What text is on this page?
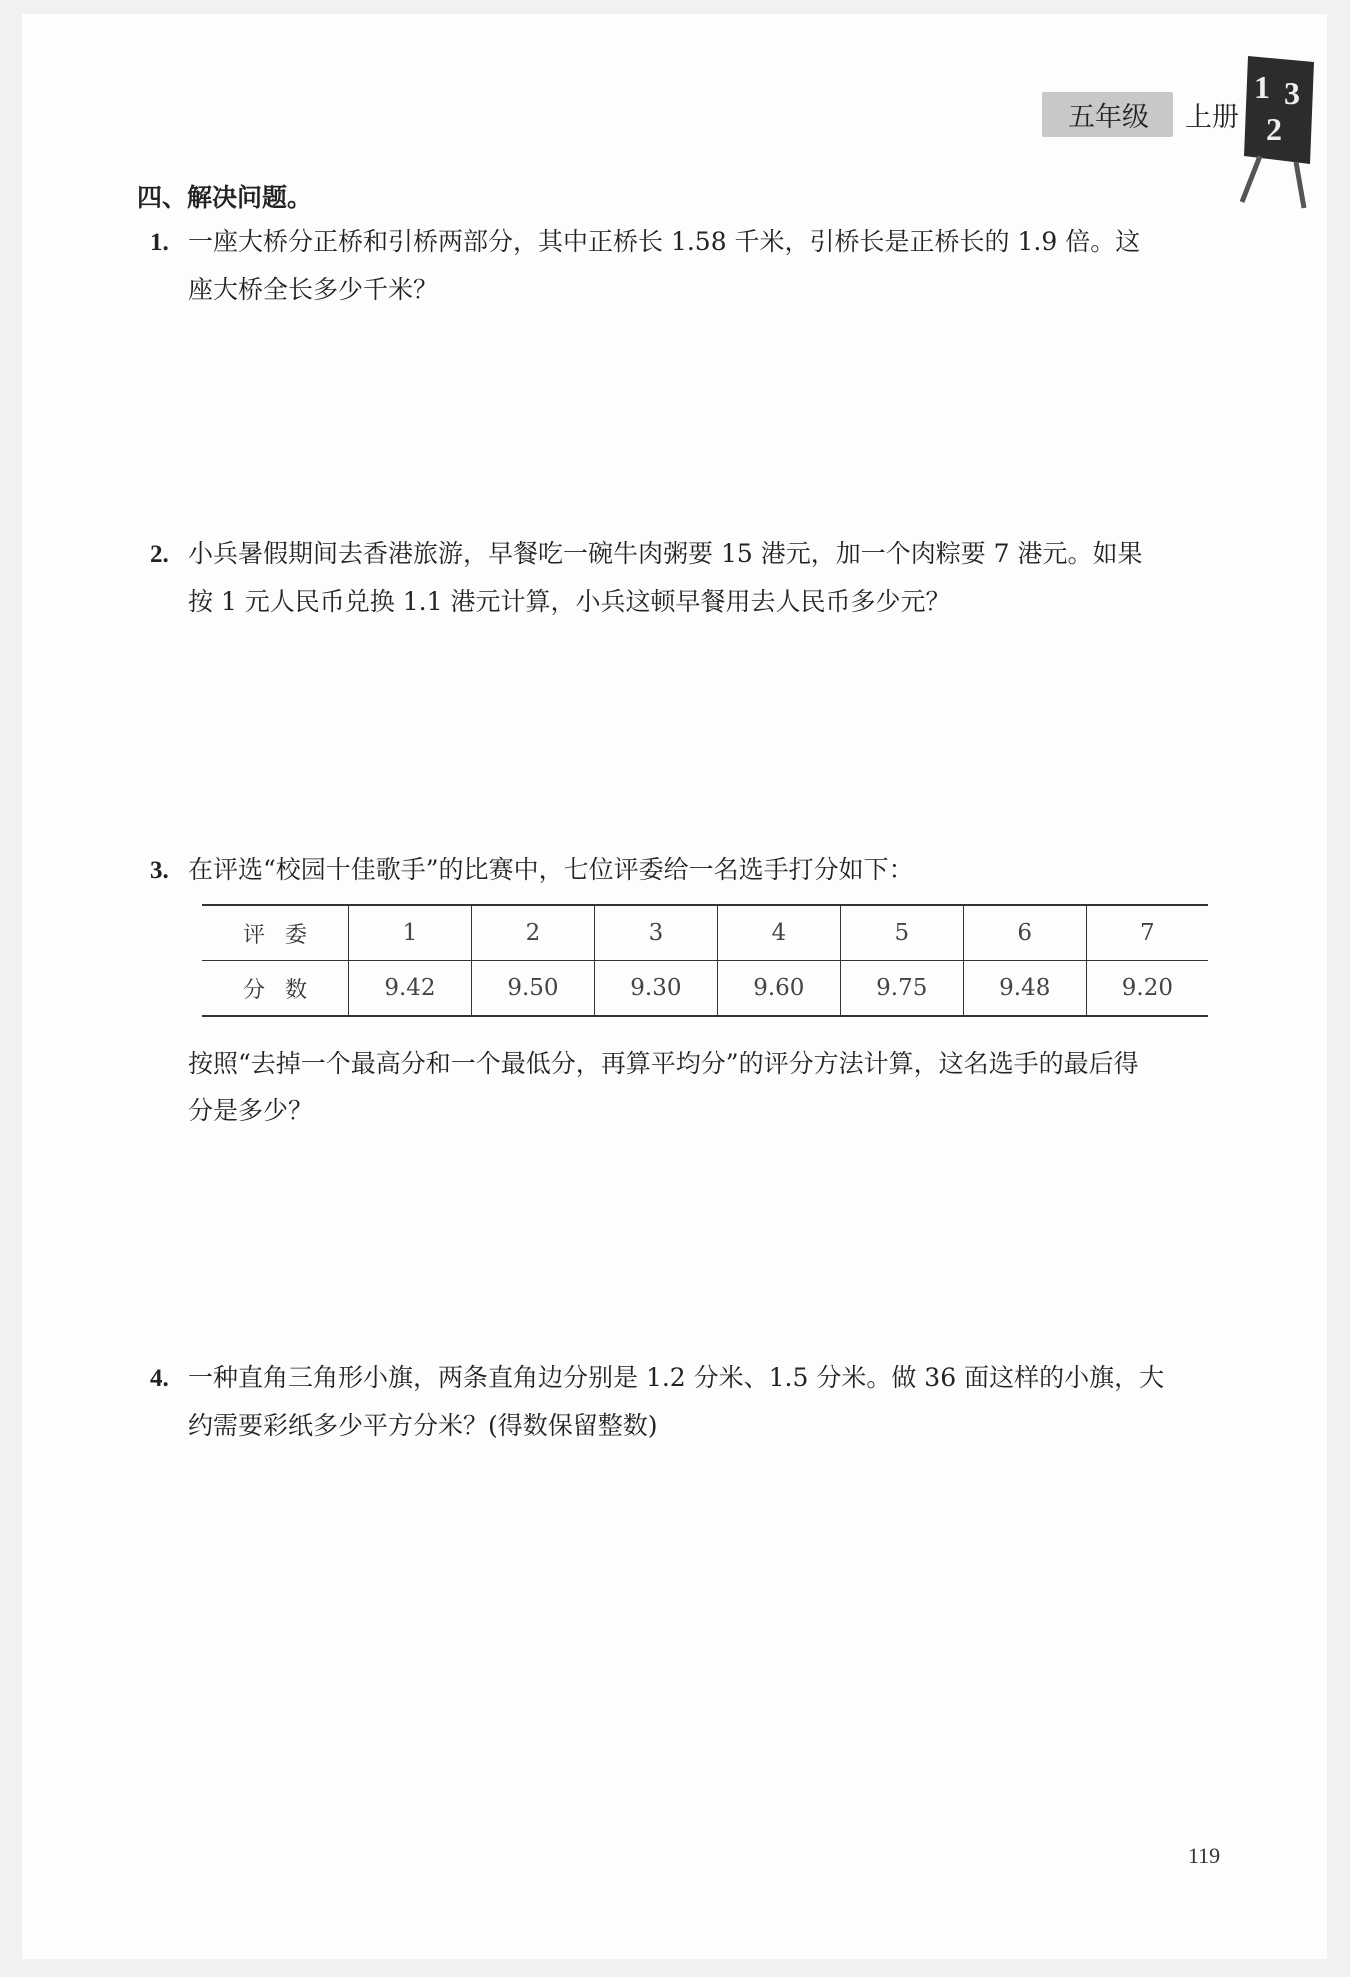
五年级	上册
1 3
2
四、解决问题。
1. 一座大桥分正桥和引桥两部分，其中正桥长 1.58 千米，引桥长是正桥长的 1.9 倍。这
座大桥全长多少千米？
2. 小兵暑假期间去香港旅游，早餐吃一碗牛肉粥要 15 港元，加一个肉粽要 7 港元。如果
按 1 元人民币兑换 1.1 港元计算，小兵这顿早餐用去人民币多少元？
3. 在评选“校园十佳歌手”的比赛中，七位评委给一名选手打分如下：
评委	1	2	3	4	5	6	7
分数	9.42	9.50	9.30	9.60	9.75	9.48	9.20
按照“去掉一个最高分和一个最低分，再算平均分”的评分方法计算，这名选手的最后得
分是多少？
4. 一种直角三角形小旗，两条直角边分别是 1.2 分米、1.5 分米。做 36 面这样的小旗，大
约需要彩纸多少平方分米？(得数保留整数)
119
